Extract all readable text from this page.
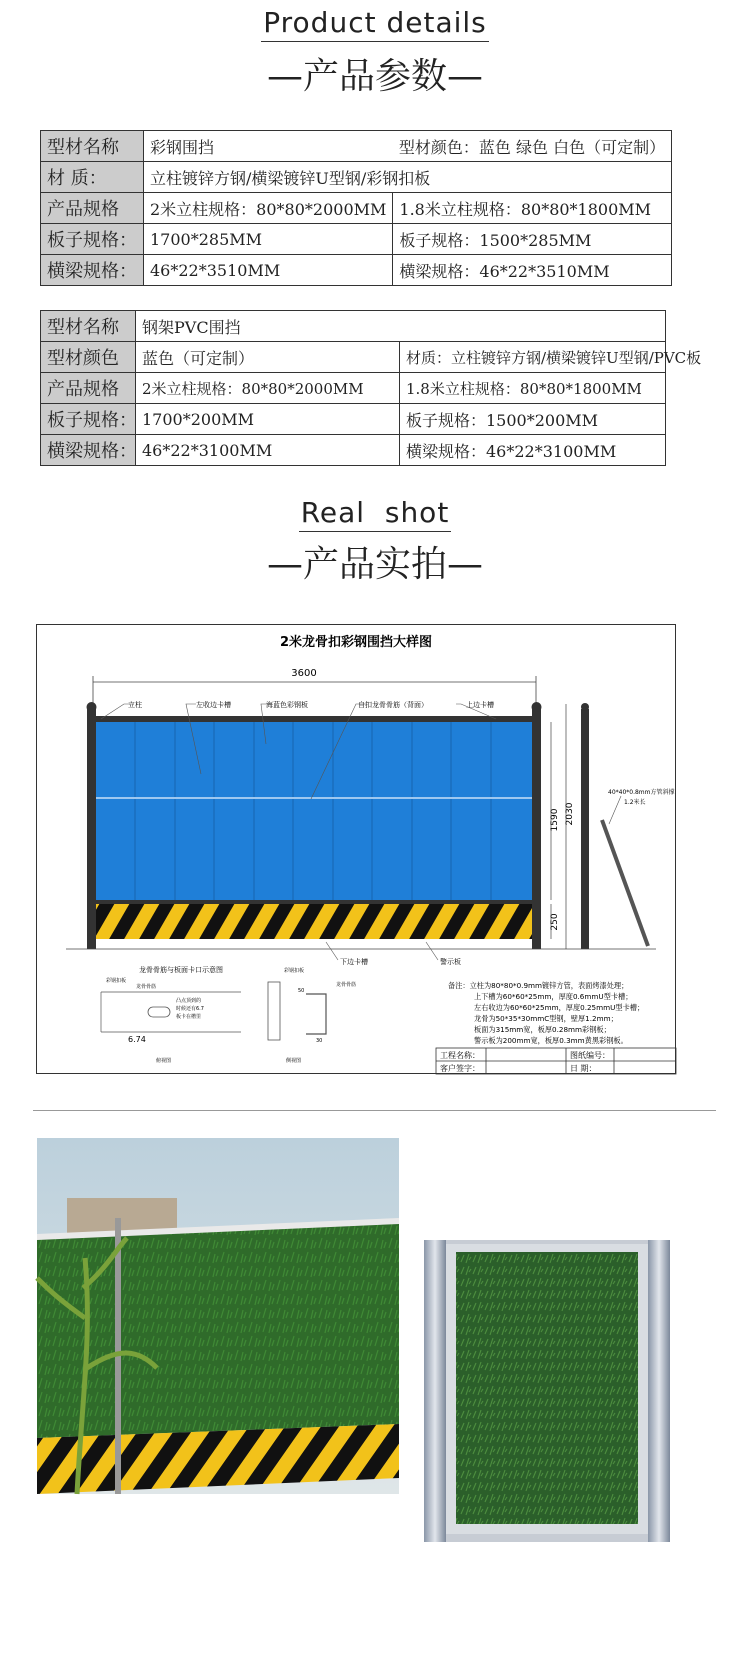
Product details
—产品参数—
型材名称	彩钢围挡	型材颜色：蓝色 绿色 白色（可定制）
材 质：	立柱镀锌方钢/横梁镀锌U型钢/彩钢扣板	
产品规格	2米立柱规格：80*80*2000MM	1.8米立柱规格：80*80*1800MM
板子规格：	1700*285MM	板子规格：1500*285MM
横梁规格：	46*22*3510MM	横梁规格：46*22*3510MM
型材名称	钢架PVC围挡	
型材颜色	蓝色（可定制）	材质：立柱镀锌方钢/横梁镀锌U型钢/PVC板
产品规格	2米立柱规格：80*80*2000MM	1.8米立柱规格：80*80*1800MM
板子规格：	1700*200MM	板子规格：1500*200MM
横梁规格：	46*22*3100MM	横梁规格：46*22*3100MM
Real  shot
—产品实拍—
2米龙骨扣彩钢围挡大样图
3600
1590 2030
250
立柱	左收边卡槽	海蓝色彩钢板	自扣龙骨骨筋（背面）	上边卡槽
40*40*0.8mm方管斜撑
1.2米长
下边卡槽	警示板
龙骨骨筋与板面卡口示意图
彩钢扣板
龙骨骨筋
凸点顶到的
时候还有6.7
板卡在槽里
6.74
俯视图
彩钢扣板
龙骨骨筋
50
30
侧视图
备注：立柱为80*80*0.9mm镀锌方管，表面烤漆处理；
上下槽为60*60*25mm，厚度0.6mmU型卡槽；
左右收边为60*60*25mm，厚度0.25mmU型卡槽；
龙骨为50*35*30mmC型钢，壁厚1.2mm；
板面为315mm宽，板厚0.28mm彩钢板；
警示板为200mm宽，板厚0.3mm黄黑彩钢板。
工程名称：	图纸编号：
客户签字：	日 期：
